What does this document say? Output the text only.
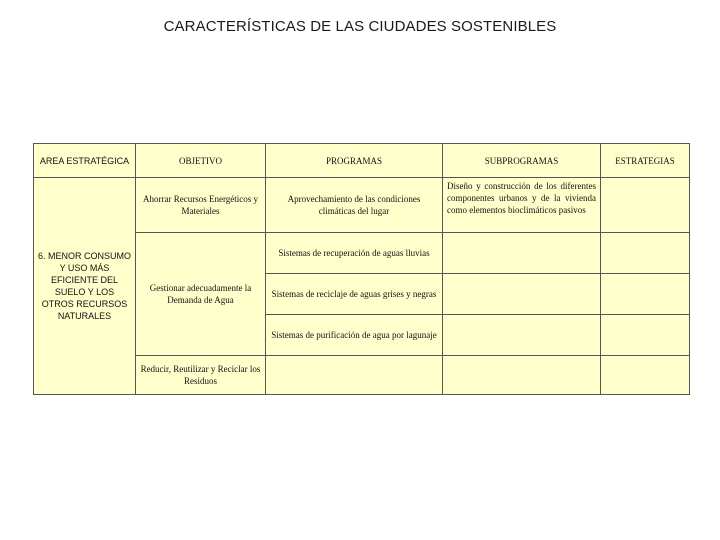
CARACTERÍSTICAS DE LAS CIUDADES SOSTENIBLES
AREA ESTRATÉGICA	OBJETIVO	PROGRAMAS	SUBPROGRAMAS	ESTRATEGIAS
6. MENOR CONSUMO Y USO MÁS EFICIENTE DEL SUELO Y LOS OTROS RECURSOS NATURALES	Ahorrar Recursos Energéticos y Materiales	Aprovechamiento de las condiciones climáticas del lugar	Diseño y construcción de los diferentes componentes urbanos y de la vivienda como elementos bioclimáticos pasivos	
	Gestionar adecuadamente la Demanda de Agua	Sistemas de recuperación de aguas lluvias		
		Sistemas de reciclaje de aguas grises y negras		
		Sistemas de purificación de agua por lagunaje		
	Reducir, Reutilizar y Reciclar los Residuos			
